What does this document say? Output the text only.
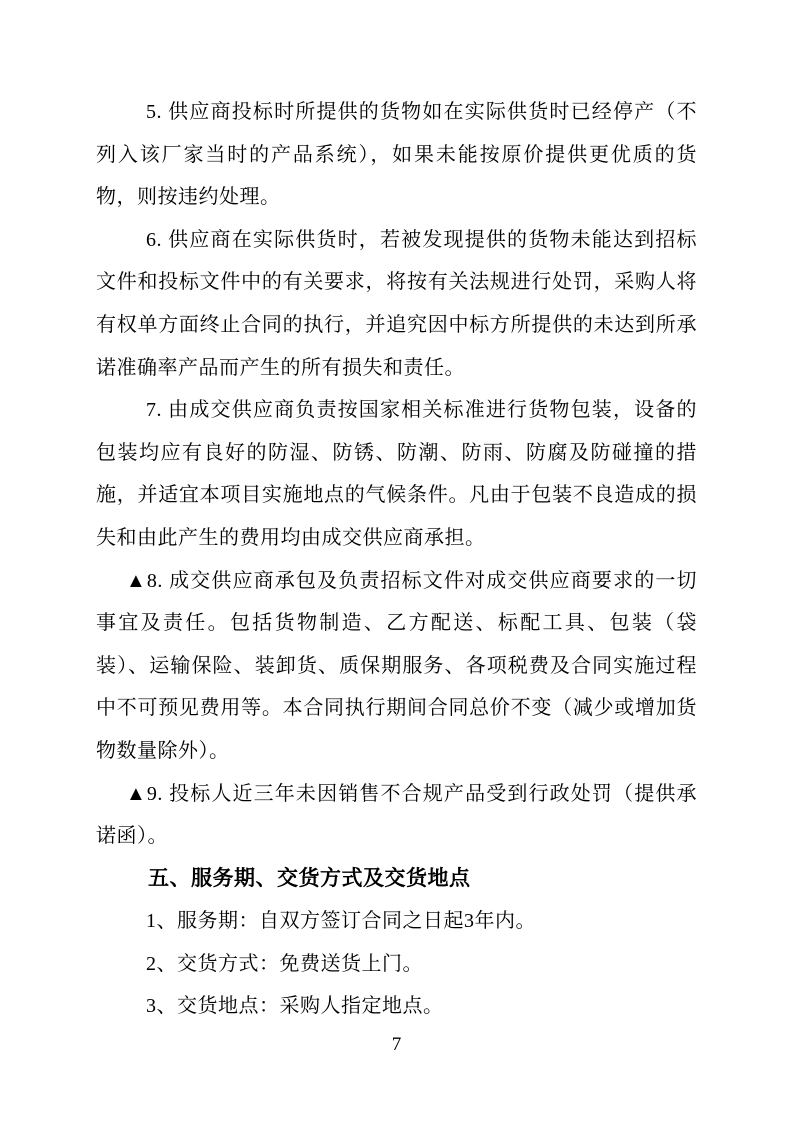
5. 供应商投标时所提供的货物如在实际供货时已经停产（不列入该厂家当时的产品系统），如果未能按原价提供更优质的货物，则按违约处理。

6. 供应商在实际供货时，若被发现提供的货物未能达到招标文件和投标文件中的有关要求，将按有关法规进行处罚，采购人将有权单方面终止合同的执行，并追究因中标方所提供的未达到所承诺准确率产品而产生的所有损失和责任。

7. 由成交供应商负责按国家相关标准进行货物包装，设备的包装均应有良好的防湿、防锈、防潮、防雨、防腐及防碰撞的措施，并适宜本项目实施地点的气候条件。凡由于包装不良造成的损失和由此产生的费用均由成交供应商承担。

▲8. 成交供应商承包及负责招标文件对成交供应商要求的一切事宜及责任。包括货物制造、乙方配送、标配工具、包装（袋装）、运输保险、装卸货、质保期服务、各项税费及合同实施过程中不可预见费用等。本合同执行期间合同总价不变（减少或增加货物数量除外）。

▲9. 投标人近三年未因销售不合规产品受到行政处罚（提供承诺函）。

五、服务期、交货方式及交货地点

1、服务期：自双方签订合同之日起3年内。

2、交货方式：免费送货上门。

3、交货地点：采购人指定地点。

7
